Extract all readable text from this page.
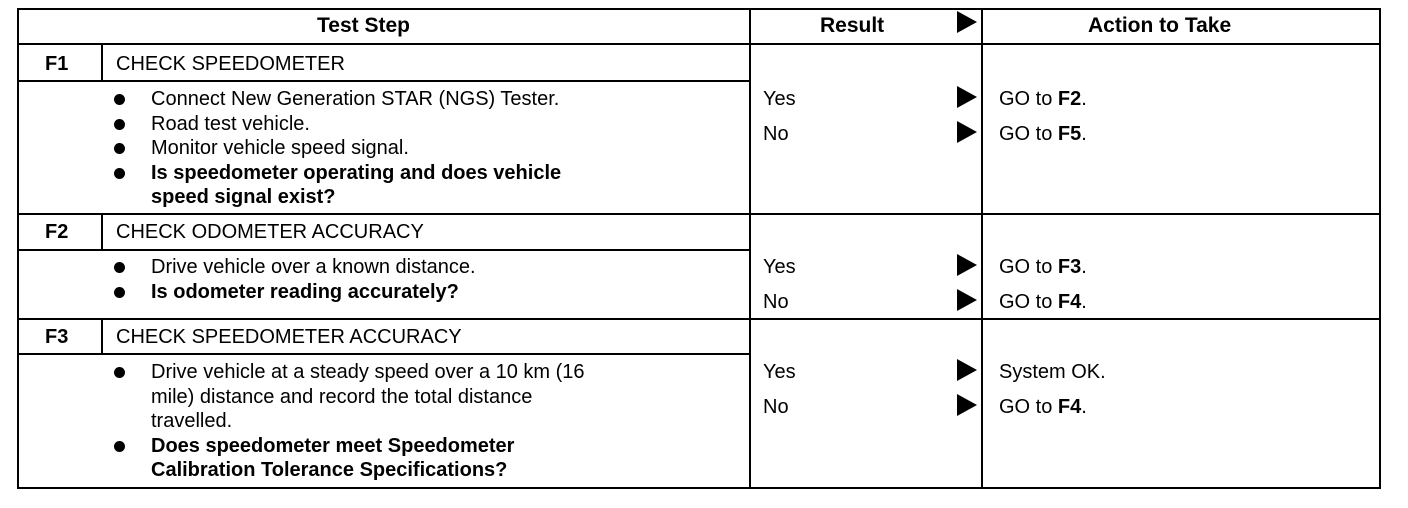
Test Step	Result	Action to Take
F1 CHECK SPEEDOMETER
Connect New Generation STAR (NGS) Tester.
Road test vehicle.
Monitor vehicle speed signal.
Is speedometer operating and does vehicle
speed signal exist?
Yes	GO to F2.
No	GO to F5.
F2 CHECK ODOMETER ACCURACY
Drive vehicle over a known distance.
Is odometer reading accurately?
Yes	GO to F3.
No	GO to F4.
F3 CHECK SPEEDOMETER ACCURACY
Drive vehicle at a steady speed over a 10 km (16
mile) distance and record the total distance
travelled.
Does speedometer meet Speedometer
Calibration Tolerance Specifications?
Yes	System OK.
No	GO to F4.
